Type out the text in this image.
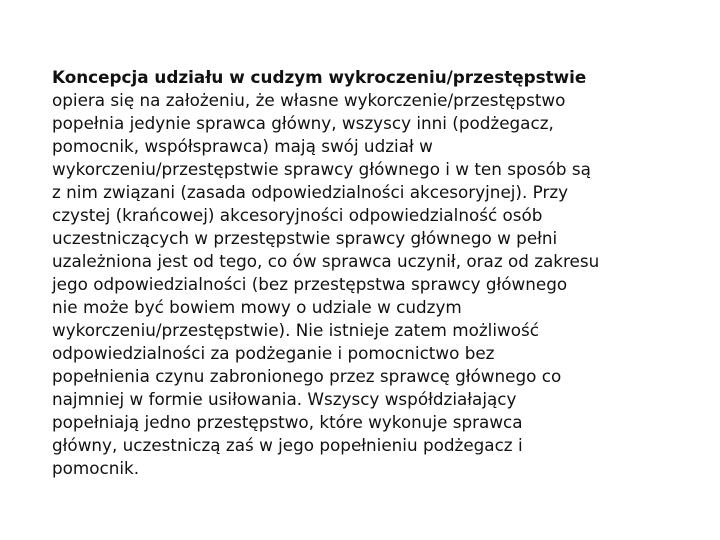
Koncepcja udziału w cudzym wykroczeniu/przestępstwie
opiera się na założeniu, że własne wykorczenie/przestępstwo
popełnia jedynie sprawca główny, wszyscy inni (podżegacz,
pomocnik, współsprawca) mają swój udział w
wykorczeniu/przestępstwie sprawcy głównego i w ten sposób są
z nim związani (zasada odpowiedzialności akcesoryjnej). Przy
czystej (krańcowej) akcesoryjności odpowiedzialność osób
uczestniczących w przestępstwie sprawcy głównego w pełni
uzależniona jest od tego, co ów sprawca uczynił, oraz od zakresu
jego odpowiedzialności (bez przestępstwa sprawcy głównego
nie może być bowiem mowy o udziale w cudzym
wykorczeniu/przestępstwie). Nie istnieje zatem możliwość
odpowiedzialności za podżeganie i pomocnictwo bez
popełnienia czynu zabronionego przez sprawcę głównego co
najmniej w formie usiłowania. Wszyscy współdziałający
popełniają jedno przestępstwo, które wykonuje sprawca
główny, uczestniczą zaś w jego popełnieniu podżegacz i
pomocnik.
